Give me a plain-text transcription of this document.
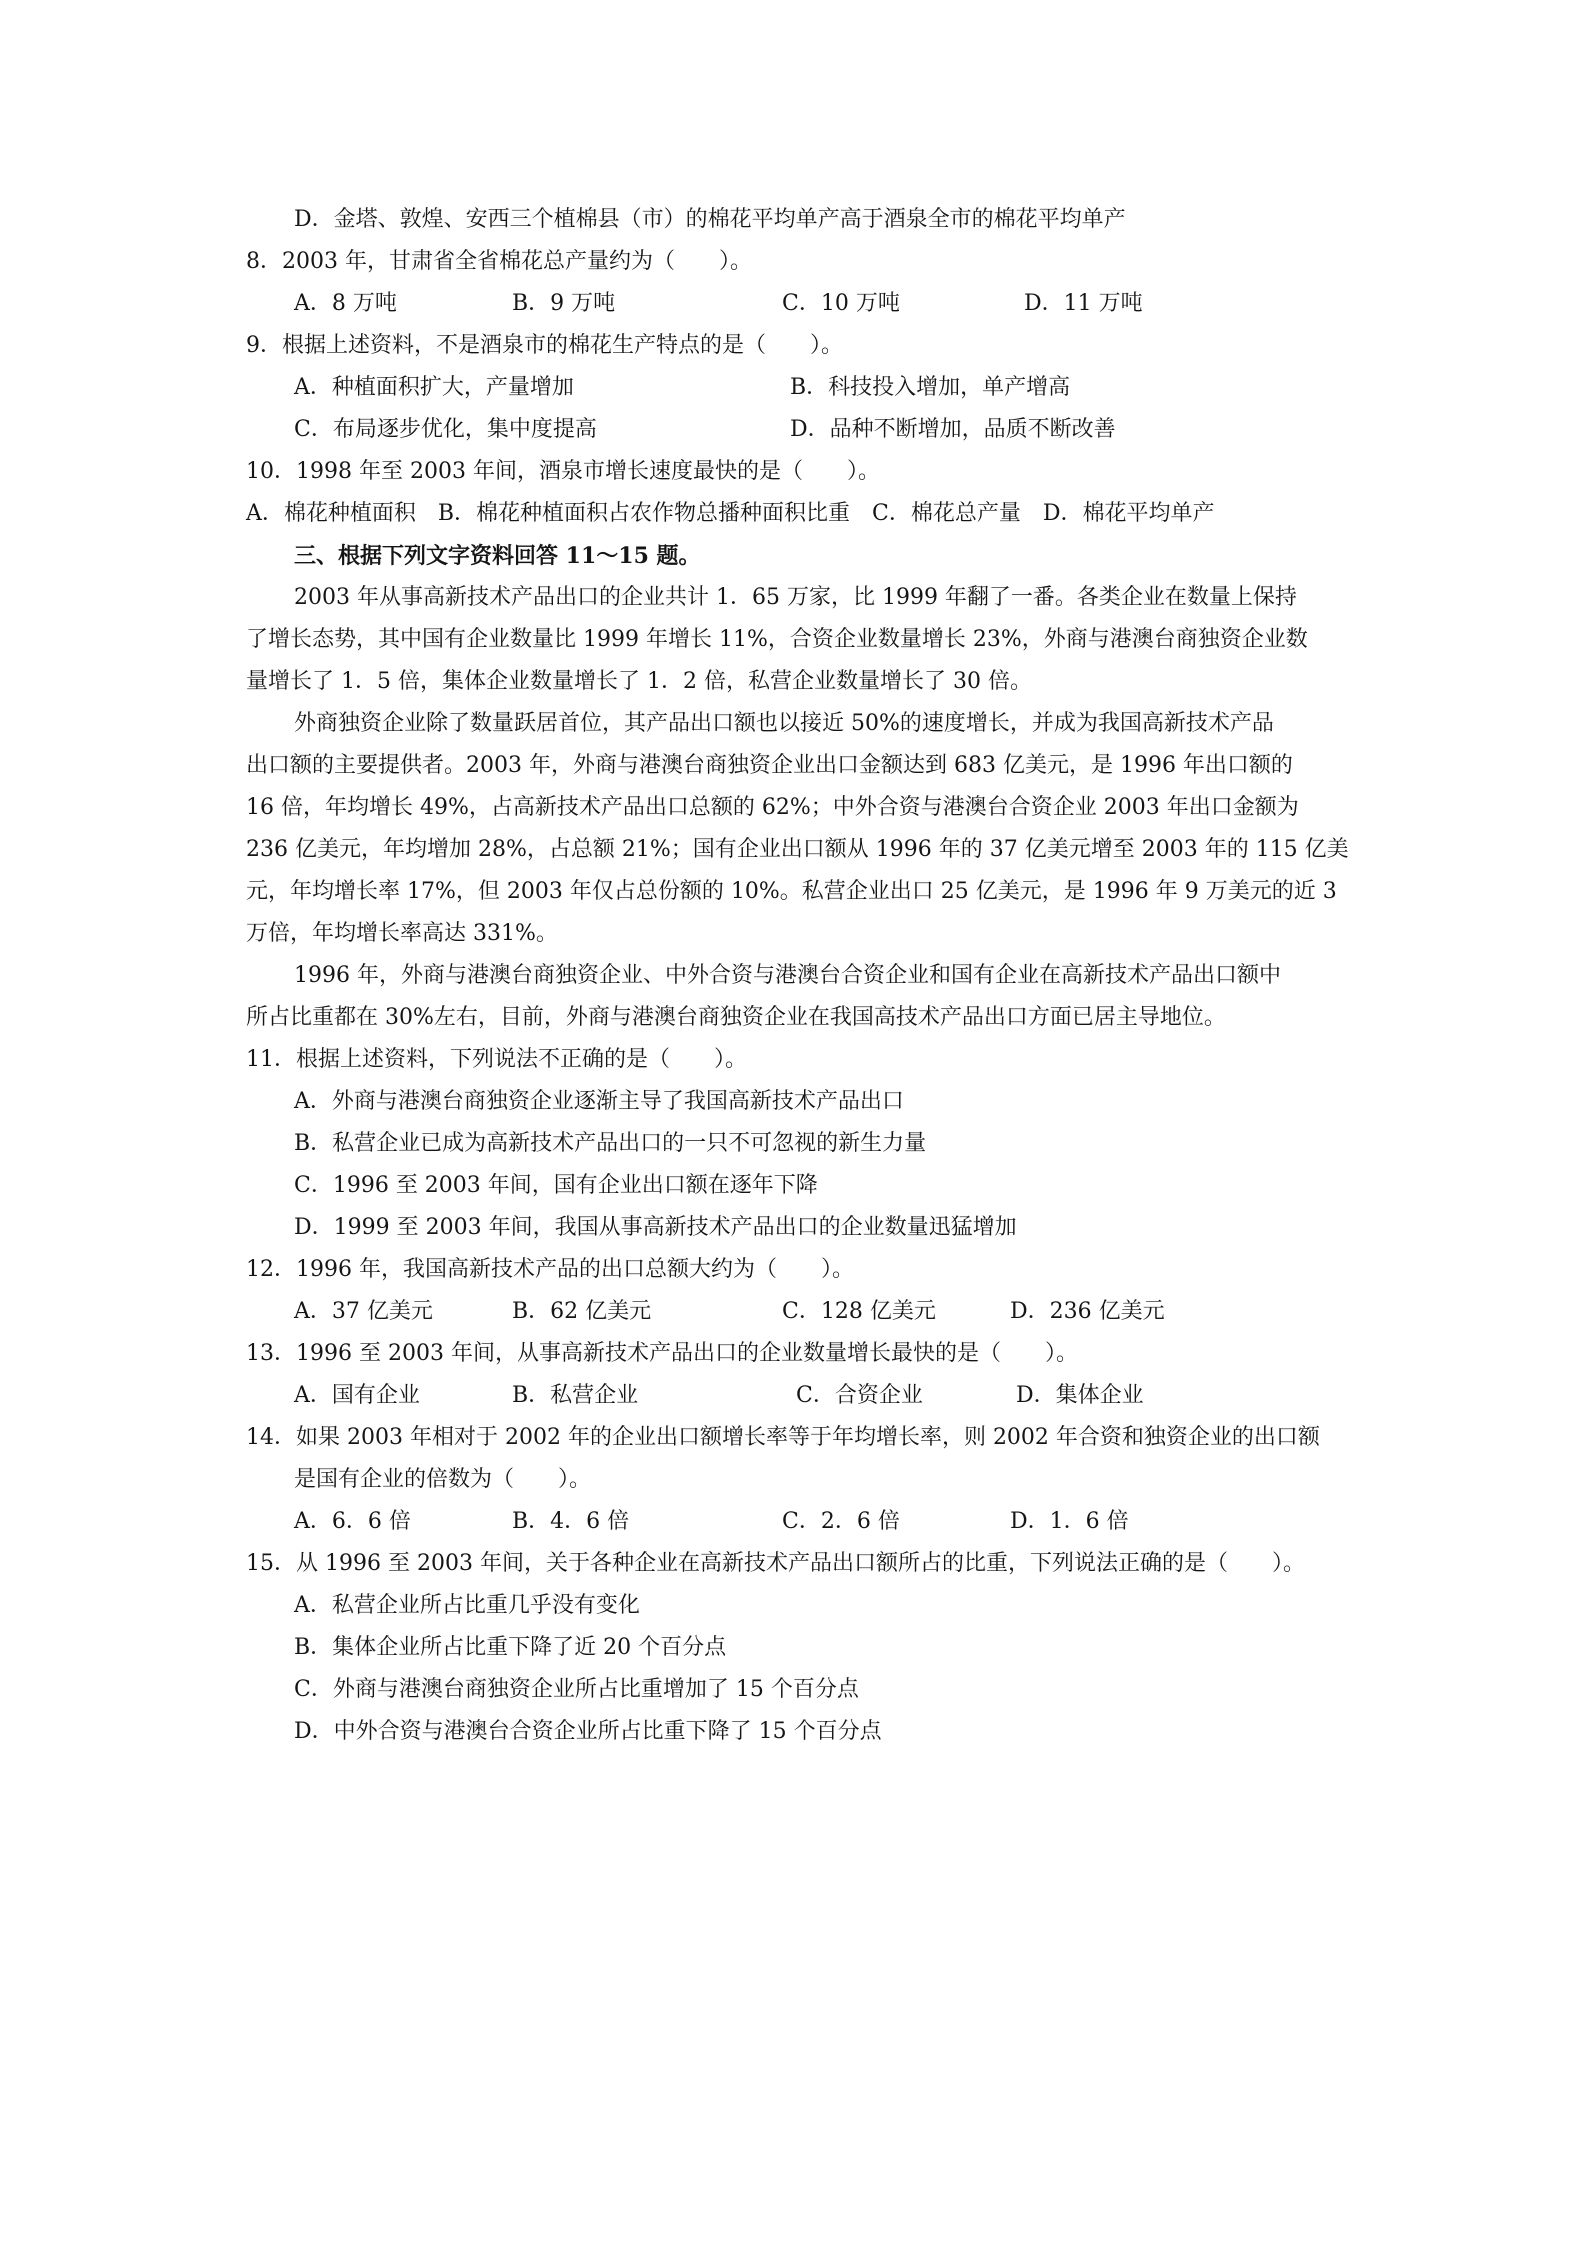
D．金塔、敦煌、安西三个植棉县（市）的棉花平均单产高于酒泉全市的棉花平均单产
8．2003 年，甘肃省全省棉花总产量约为（　　）。
A．8 万吨	B．9 万吨	C．10 万吨	D．11 万吨
9．根据上述资料，不是酒泉市的棉花生产特点的是（　　）。
A．种植面积扩大，产量增加	B．科技投入增加，单产增高
C．布局逐步优化，集中度提高	D．品种不断增加，品质不断改善
10．1998 年至 2003 年间，酒泉市增长速度最快的是（　　）。
A．棉花种植面积　B．棉花种植面积占农作物总播种面积比重　C．棉花总产量　D．棉花平均单产
三、根据下列文字资料回答 11～15 题。
2003 年从事高新技术产品出口的企业共计 1．65 万家，比 1999 年翻了一番。各类企业在数量上保持
了增长态势，其中国有企业数量比 1999 年增长 11%，合资企业数量增长 23%，外商与港澳台商独资企业数
量增长了 1．5 倍，集体企业数量增长了 1．2 倍，私营企业数量增长了 30 倍。
外商独资企业除了数量跃居首位，其产品出口额也以接近 50%的速度增长，并成为我国高新技术产品
出口额的主要提供者。2003 年，外商与港澳台商独资企业出口金额达到 683 亿美元，是 1996 年出口额的
16 倍，年均增长 49%，占高新技术产品出口总额的 62%；中外合资与港澳台合资企业 2003 年出口金额为
236 亿美元，年均增加 28%，占总额 21%；国有企业出口额从 1996 年的 37 亿美元增至 2003 年的 115 亿美
元，年均增长率 17%，但 2003 年仅占总份额的 10%。私营企业出口 25 亿美元，是 1996 年 9 万美元的近 3
万倍，年均增长率高达 331%。
1996 年，外商与港澳台商独资企业、中外合资与港澳台合资企业和国有企业在高新技术产品出口额中
所占比重都在 30%左右，目前，外商与港澳台商独资企业在我国高技术产品出口方面已居主导地位。
11．根据上述资料，下列说法不正确的是（　　）。
A．外商与港澳台商独资企业逐渐主导了我国高新技术产品出口
B．私营企业已成为高新技术产品出口的一只不可忽视的新生力量
C．1996 至 2003 年间，国有企业出口额在逐年下降
D．1999 至 2003 年间，我国从事高新技术产品出口的企业数量迅猛增加
12．1996 年，我国高新技术产品的出口总额大约为（　　）。
A．37 亿美元	B．62 亿美元	C．128 亿美元	D．236 亿美元
13．1996 至 2003 年间，从事高新技术产品出口的企业数量增长最快的是（　　）。
A．国有企业	B．私营企业	C．合资企业	D．集体企业
14．如果 2003 年相对于 2002 年的企业出口额增长率等于年均增长率，则 2002 年合资和独资企业的出口额
是国有企业的倍数为（　　）。
A．6．6 倍	B．4．6 倍	C．2．6 倍	D．1．6 倍
15．从 1996 至 2003 年间，关于各种企业在高新技术产品出口额所占的比重，下列说法正确的是（　　）。
A．私营企业所占比重几乎没有变化
B．集体企业所占比重下降了近 20 个百分点
C．外商与港澳台商独资企业所占比重增加了 15 个百分点
D．中外合资与港澳台合资企业所占比重下降了 15 个百分点
